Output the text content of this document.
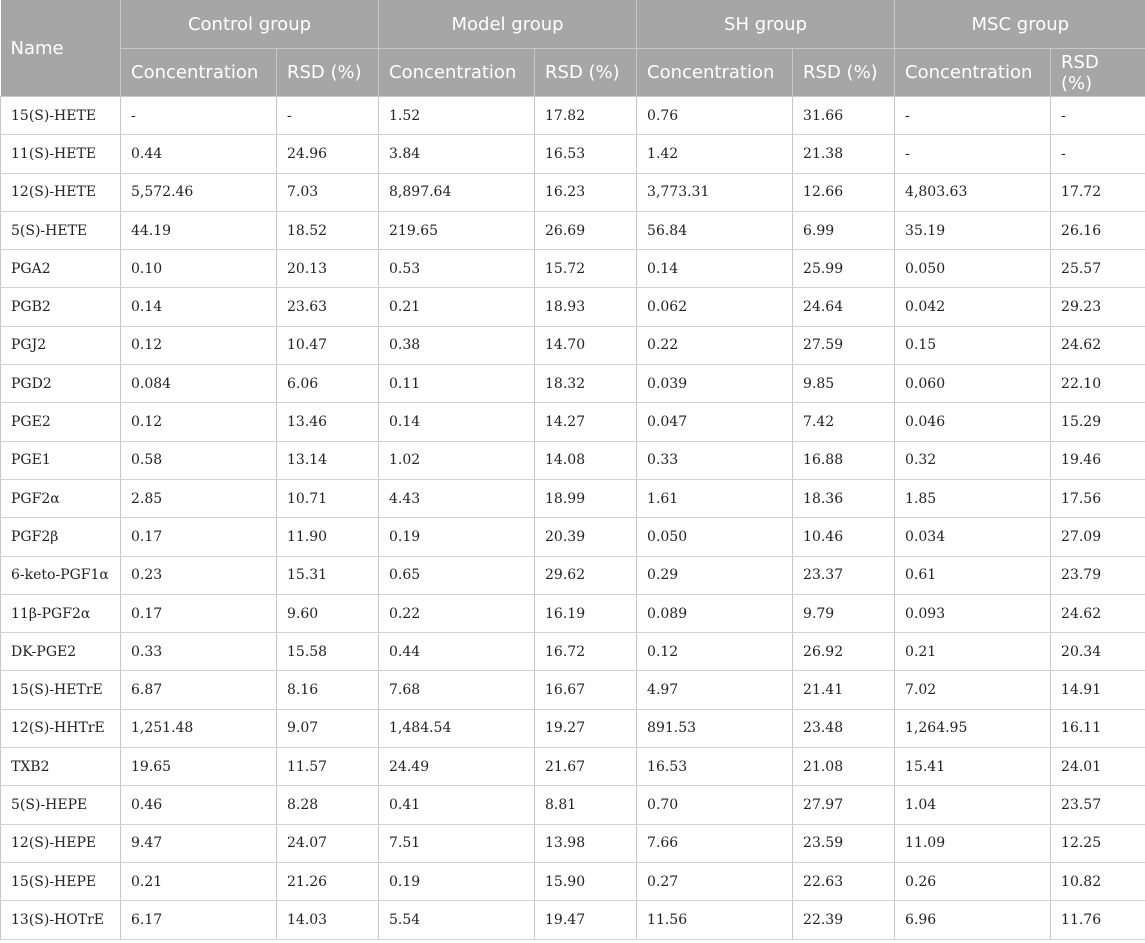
Name	Control group		Model group		SH group		MSC group	
	Concentration	RSD (%)	Concentration	RSD (%)	Concentration	RSD (%)	Concentration	RSD (%)
15(S)-HETE	-	-	1.52	17.82	0.76	31.66	-	-
11(S)-HETE	0.44	24.96	3.84	16.53	1.42	21.38	-	-
12(S)-HETE	5,572.46	7.03	8,897.64	16.23	3,773.31	12.66	4,803.63	17.72
5(S)-HETE	44.19	18.52	219.65	26.69	56.84	6.99	35.19	26.16
PGA2	0.10	20.13	0.53	15.72	0.14	25.99	0.050	25.57
PGB2	0.14	23.63	0.21	18.93	0.062	24.64	0.042	29.23
PGJ2	0.12	10.47	0.38	14.70	0.22	27.59	0.15	24.62
PGD2	0.084	6.06	0.11	18.32	0.039	9.85	0.060	22.10
PGE2	0.12	13.46	0.14	14.27	0.047	7.42	0.046	15.29
PGE1	0.58	13.14	1.02	14.08	0.33	16.88	0.32	19.46
PGF2α	2.85	10.71	4.43	18.99	1.61	18.36	1.85	17.56
PGF2β	0.17	11.90	0.19	20.39	0.050	10.46	0.034	27.09
6-keto-PGF1α	0.23	15.31	0.65	29.62	0.29	23.37	0.61	23.79
11β-PGF2α	0.17	9.60	0.22	16.19	0.089	9.79	0.093	24.62
DK-PGE2	0.33	15.58	0.44	16.72	0.12	26.92	0.21	20.34
15(S)-HETrE	6.87	8.16	7.68	16.67	4.97	21.41	7.02	14.91
12(S)-HHTrE	1,251.48	9.07	1,484.54	19.27	891.53	23.48	1,264.95	16.11
TXB2	19.65	11.57	24.49	21.67	16.53	21.08	15.41	24.01
5(S)-HEPE	0.46	8.28	0.41	8.81	0.70	27.97	1.04	23.57
12(S)-HEPE	9.47	24.07	7.51	13.98	7.66	23.59	11.09	12.25
15(S)-HEPE	0.21	21.26	0.19	15.90	0.27	22.63	0.26	10.82
13(S)-HOTrE	6.17	14.03	5.54	19.47	11.56	22.39	6.96	11.76
